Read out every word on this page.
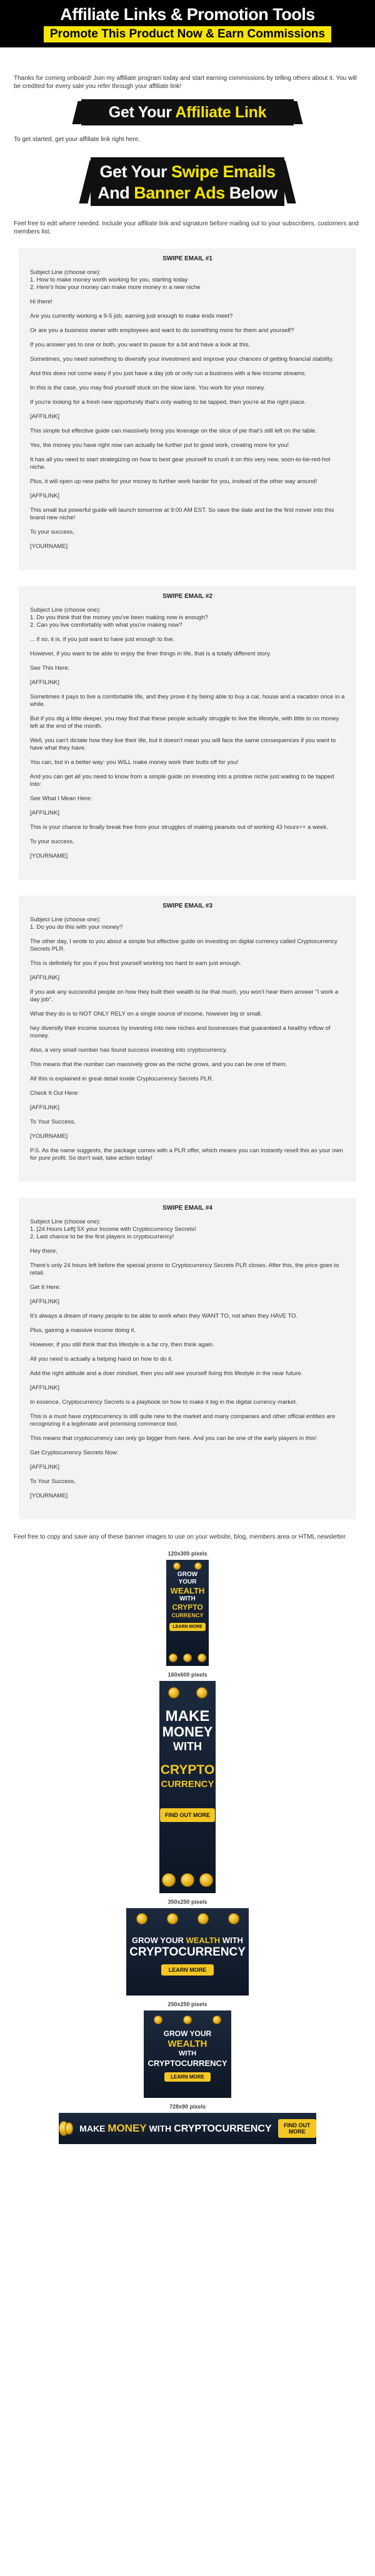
Affiliate Links & Promotion Tools
Promote This Product Now & Earn Commissions

Thanks for coming onboard! Join my affiliate program today and start earning commissions by telling others about it. You will be credited for every sale you refer through your affiliate link!

Get Your Affiliate Link

To get started, get your affiliate link right here.

Get Your Swipe Emails
And Banner Ads Below

Feel free to edit where needed. Include your affiliate link and signature before mailing out to your subscribers, customers and members list.

SWIPE EMAIL #1

Subject Line (choose one):
1. How to make money worth working for you, starting today
2. Here's how your money can make more money in a new niche

Hi there!

Are you currently working a 9-5 job, earning just enough to make ends meet?

Or are you a business owner with employees and want to do something more for them and yourself?

If you answer yes to one or both, you want to pause for a bit and have a look at this.

Sometimes, you need something to diversify your investment and improve your chances of getting financial stability.

And this does not come easy if you just have a day job or only run a business with a few income streams.

In this is the case, you may find yourself stuck on the slow lane. You work for your money.

If you're looking for a fresh new opportunity that's only waiting to be tapped, then you're at the right place.

[AFFILINK]

This simple but effective guide can massively bring you leverage on the slice of pie that's still left on the table.

Yes, the money you have right now can actually be further put to good work, creating more for you!

It has all you need to start strategizing on how to best gear yourself to crush it on this very new, soon-to-be-red-hot niche.

Plus, it will open up new paths for your money to further work harder for you, instead of the other way around!

[AFFILINK]

This small but powerful guide will launch tomorrow at 9:00 AM EST. So save the date and be the first mover into this brand new niche!

To your success,

[YOURNAME]

SWIPE EMAIL #2

Subject Line (choose one):
1. Do you think that the money you've been making now is enough?
2. Can you live comfortably with what you're making now?

... if so, it is, if you just want to have just enough to live.

However, if you want to be able to enjoy the finer things in life, that is a totally different story.

See This Here:

[AFFILINK]

Sometimes it pays to live a comfortable life, and they prove it by being able to buy a car, house and a vacation once in a while.

But if you dig a little deeper, you may find that these people actually struggle to live the lifestyle, with little to no money left at the end of the month.

Well, you can't dictate how they live their life, but it doesn't mean you will face the same consequences if you want to have what they have.

You can, but in a better way: you WILL make money work their butts off for you!

And you can get all you need to know from a simple guide on investing into a pristine niche just waiting to be tapped into:

See What I Mean Here:

[AFFILINK]

This is your chance to finally break free from your struggles of making peanuts out of working 43 hours++ a week.

To your success,

[YOURNAME]

SWIPE EMAIL #3

Subject Line (choose one):
1. Do you do this with your money?

The other day, I wrote to you about a simple but effective guide on investing on digital currency called Cryptocurrency Secrets PLR.

This is definitely for you if you find yourself working too hard to earn just enough.

[AFFILINK]

If you ask any successful people on how they built their wealth to be that much, you won't hear them answer "I work a day job".

What they do is to NOT ONLY RELY on a single source of income, however big or small.

hey diversify their income sources by investing into new niches and businesses that guaranteed a healthy inflow of money.

Also, a very small number has found success investing into cryptocurrency.

This means that the number can massively grow as the niche grows, and you can be one of them.

All this is explained in great detail inside Cryptocurrency Secrets PLR.

Check It Out Here:

[AFFILINK]

To Your Success,

[YOURNAME]

P.S. As the name suggests, the package comes with a PLR offer, which means you can instantly resell this as your own for pure profit. So don't wait, take action today!

SWIPE EMAIL #4

Subject Line (choose one):
1. [24 Hours Left] 5X your Income with Cryptocurrency Secrets!
2. Last chance to be the first players in cryptocurrency!

Hey there,

There's only 24 hours left before the special promo to Cryptocurrency Secrets PLR closes. After this, the price goes to retail.

Get It Here:

[AFFILINK]

It's always a dream of many people to be able to work when they WANT TO, not when they HAVE TO.

Plus, gaining a massive income doing it.

However, if you still think that this lifestyle is a far cry, then think again.

All you need is actually a helping hand on how to do it.

Add the right attitude and a doer mindset, then you will see yourself living this lifestyle in the near future.

[AFFILINK]

In essence, Cryptocurrency Secrets is a playbook on how to make it big in the digital currency market.

This is a must have cryptocurrency is still quite new to the market and many companies and other official entities are recognizing it a legitimate and promising commerce tool.

This means that cryptocurrency can only go bigger from here. And you can be one of the early players in this!

Get Cryptocurrency Secrets Now:

[AFFILINK]

To Your Success,

[YOURNAME]

Feel free to copy and save any of these banner images to use on your website, blog, members area or HTML newsletter.

120x300 pixels
GROW
YOUR
WEALTH
WITH
CRYPTO
CURRENCY
LEARN MORE
160x600 pixels
MAKE
MONEY
WITH
CRYPTO
CURRENCY
FIND OUT MORE
350x250 pixels
GROW YOUR WEALTH WITH
CRYPTOCURRENCY
LEARN MORE
250x250 pixels
GROW YOUR
WEALTH
WITH
CRYPTOCURRENCY
LEARN MORE
728x90 pixels
MAKE MONEY WITH CRYPTOCURRENCY	FIND OUT MORE
